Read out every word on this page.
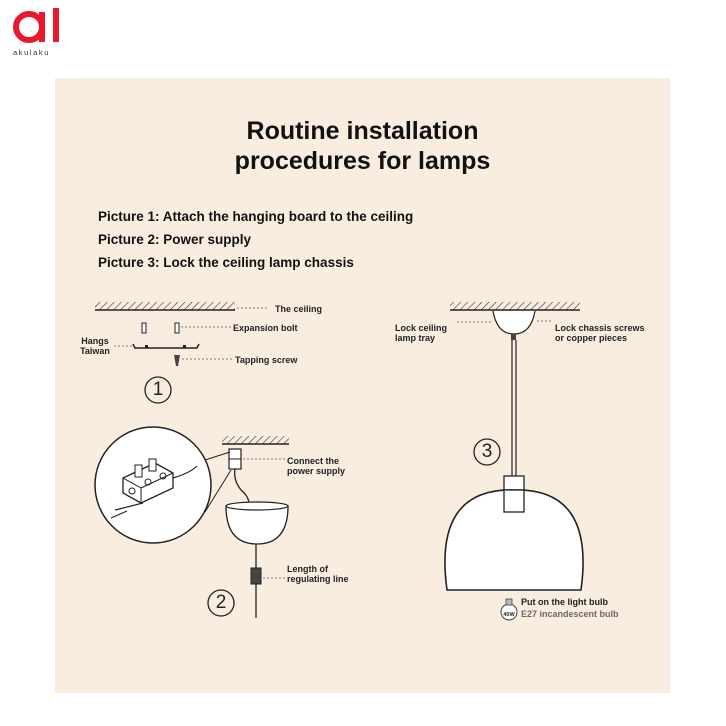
akulaku
Routine installation
procedures for lamps
Picture 1: Attach the hanging board to the ceiling
Picture 2: Power supply
Picture 3: Lock the ceiling lamp chassis
The ceiling
Expansion bolt
Hangs
Taiwan
Tapping screw
1
Connect the
power supply
Length of
regulating line
2
Lock ceiling
lamp tray
Lock chassis screws
or copper pieces
3
Put on the light bulb
E27 incandescent bulb
40W
